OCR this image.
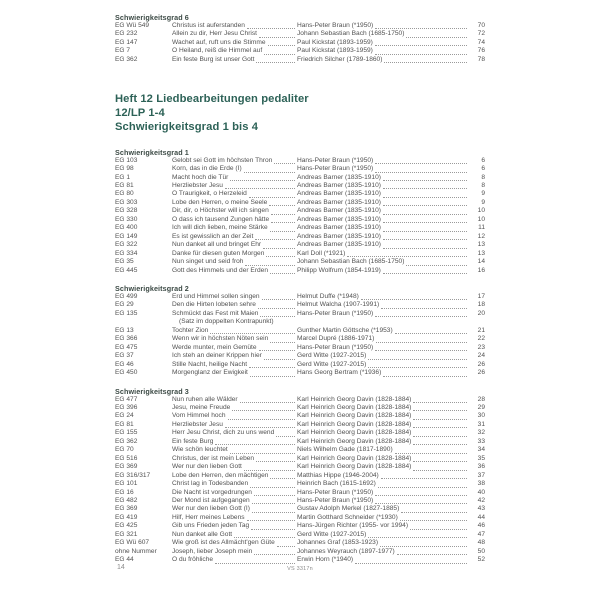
Schwierigkeitsgrad 6
EG Wü 549	Christus ist auferstanden	Hans-Peter Braun (*1950)	70
EG 232	Allein zu dir, Herr Jesu Christ	Johann Sebastian Bach (1685-1750)	72
EG 147	Wachet auf, ruft uns die Stimme	Paul Kickstat (1893-1959)	74
EG 7	O Heiland, reiß die Himmel auf	Paul Kickstat (1893-1959)	76
EG 362	Ein feste Burg ist unser Gott	Friedrich Silcher (1789-1860)	78
Heft 12 Liedbearbeitungen pedaliter
12/LP 1-4
Schwierigkeitsgrad 1 bis 4
Schwierigkeitsgrad 1
EG 103	Gelobt sei Gott im höchsten Thron	Hans-Peter Braun (*1950)	6
EG 98	Korn, das in die Erde (I)	Hans-Peter Braun (*1950)	6
EG 1	Macht hoch die Tür	Andreas Barner (1835-1910)	8
EG 81	Herzliebster Jesu	Andreas Barner (1835-1910)	8
EG 80	O Traurigkeit, o Herzeleid	Andreas Barner (1835-1910)	9
EG 303	Lobe den Herren, o meine Seele	Andreas Barner (1835-1910)	9
EG 328	Dir, dir, o Höchster will ich singen	Andreas Barner (1835-1910)	10
EG 330	O dass ich tausend Zungen hätte	Andreas Barner (1835-1910)	10
EG 400	Ich will dich lieben, meine Stärke	Andreas Barner (1835-1910)	11
EG 149	Es ist gewisslich an der Zeit	Andreas Barner (1835-1910)	12
EG 322	Nun danket all und bringet Ehr	Andreas Barner (1835-1910)	13
EG 334	Danke für diesen guten Morgen	Karl Doll (*1921)	13
EG 35	Nun singet und seid froh	Johann Sebastian Bach (1685-1750)	14
EG 445	Gott des Himmels und der Erden	Philipp Wolfrum (1854-1919)	16
Schwierigkeitsgrad 2
EG 499	Erd und Himmel sollen singen	Helmut Duffe (*1948)	17
EG 29	Den die Hirten lobeten sehre	Helmut Walcha (1907-1991)	18
EG 135	Schmückt das Fest mit Maien	Hans-Peter Braun (*1950)	20
(Satz im doppelten Kontrapunkt)
EG 13	Tochter Zion	Gunther Martin Göttsche (*1953)	21
EG 366	Wenn wir in höchsten Nöten sein	Marcel Dupré (1886-1971)	22
EG 475	Werde munter, mein Gemüte	Hans-Peter Braun (*1950)	23
EG 37	Ich steh an deiner Krippen hier	Gerd Witte (1927-2015)	24
EG 46	Stille Nacht, heilige Nacht	Gerd Witte (1927-2015)	26
EG 450	Morgenglanz der Ewigkeit	Hans Georg Bertram (*1936)	26
Schwierigkeitsgrad 3
EG 477	Nun ruhen alle Wälder	Karl Heinrich Georg Davin (1828-1884)	28
EG 396	Jesu, meine Freude	Karl Heinrich Georg Davin (1828-1884)	29
EG 24	Vom Himmel hoch	Karl Heinrich Georg Davin (1828-1884)	30
EG 81	Herzliebster Jesu	Karl Heinrich Georg Davin (1828-1884)	31
EG 155	Herr Jesu Christ, dich zu uns wend	Karl Heinrich Georg Davin (1828-1884)	32
EG 362	Ein feste Burg	Karl Heinrich Georg Davin (1828-1884)	33
EG 70	Wie schön leuchtet	Niels Wilhelm Gade (1817-1890)	34
EG 516	Christus, der ist mein Leben	Karl Heinrich Georg Davin (1828-1884)	35
EG 369	Wer nur den lieben Gott	Karl Heinrich Georg Davin (1828-1884)	36
EG 316/317	Lobe den Herren, den mächtigen	Matthias Hippe (1946-2004)	37
EG 101	Christ lag in Todesbanden	Heinrich Bach (1615-1692)	38
EG 16	Die Nacht ist vorgedrungen	Hans-Peter Braun (*1950)	40
EG 482	Der Mond ist aufgegangen	Hans-Peter Braun (*1950)	42
EG 369	Wer nur den lieben Gott (I)	Gustav Adolph Merkel (1827-1885)	43
EG 419	Hilf, Herr meines Lebens	Martin Gotthard Schneider (*1930)	44
EG 425	Gib uns Frieden jeden Tag	Hans-Jürgen Richter (1955- vor 1994)	46
EG 321	Nun danket alle Gott	Gerd Witte (1927-2015)	47
EG Wü 607	Wie groß ist des Allmächt'gen Güte	Johannes Graf (1853-1923)	48
ohne Nummer	Joseph, lieber Joseph mein	Johannes Weyrauch (1897-1977)	50
EG 44	O du fröhliche	Erwin Horn (*1940)	52
14	VS 3317n
